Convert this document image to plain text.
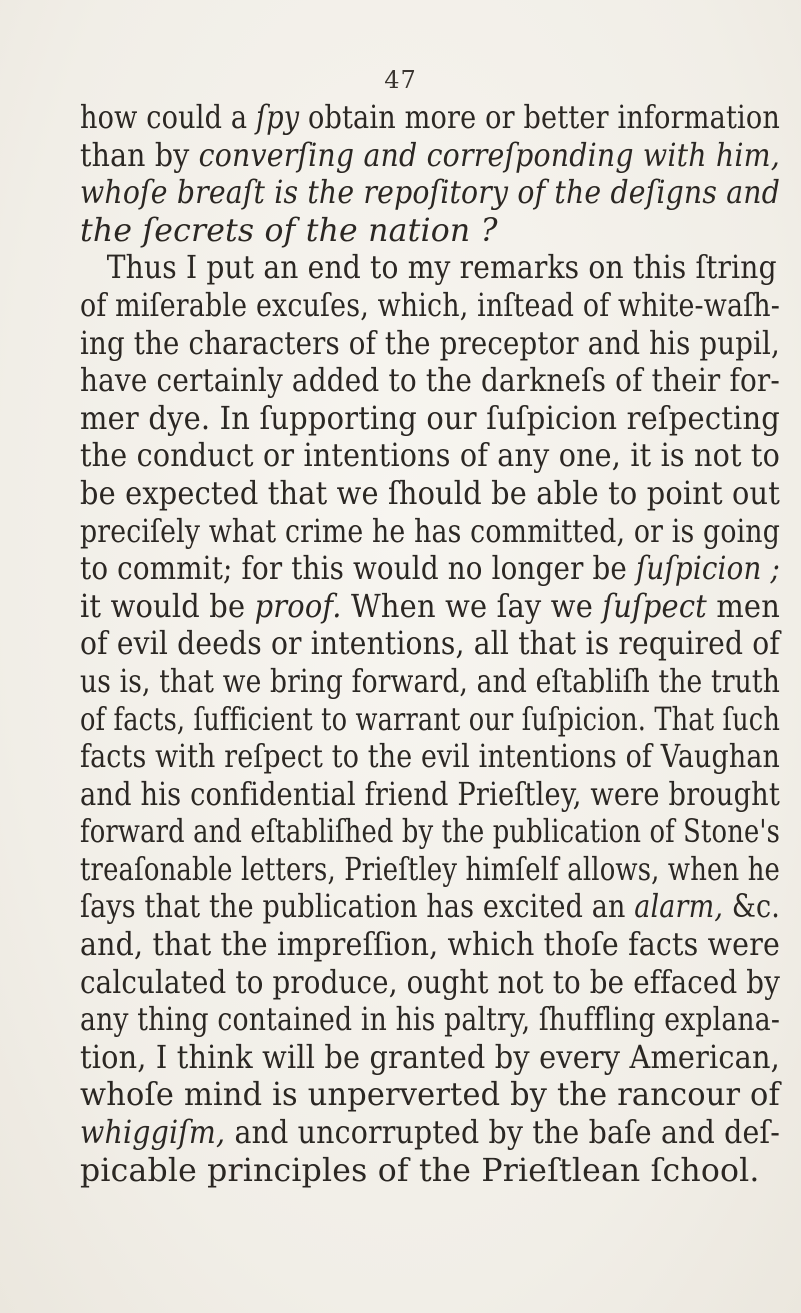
47
how could a ſpy obtain more or better information
than by converſing and correſponding with him,
whoſe breaſt is the repoſitory of the deſigns and
the ſecrets of the nation ?
Thus I put an end to my remarks on this ſtring
of miſerable excuſes, which, inſtead of white-waſh-
ing the characters of the preceptor and his pupil,
have certainly added to the darkneſs of their for-
mer dye. In ſupporting our ſuſpicion reſpecting
the conduct or intentions of any one, it is not to
be expected that we ſhould be able to point out
preciſely what crime he has committed, or is going
to commit; for this would no longer be ſuſpicion ;
it would be proof. When we ſay we ſuſpect men
of evil deeds or intentions, all that is required of
us is, that we bring forward, and eſtabliſh the truth
of facts, ſufficient to warrant our ſuſpicion. That ſuch
facts with reſpect to the evil intentions of Vaughan
and his confidential friend Prieſtley, were brought
forward and eſtabliſhed by the publication of Stone's
treaſonable letters, Prieſtley himſelf allows, when he
ſays that the publication has excited an alarm, &c.
and, that the impreſſion, which thoſe facts were
calculated to produce, ought not to be effaced by
any thing contained in his paltry, ſhuffling explana-
tion, I think will be granted by every American,
whoſe mind is unperverted by the rancour of
whiggiſm, and uncorrupted by the baſe and deſ-
picable principles of the Prieſtlean ſchool.
